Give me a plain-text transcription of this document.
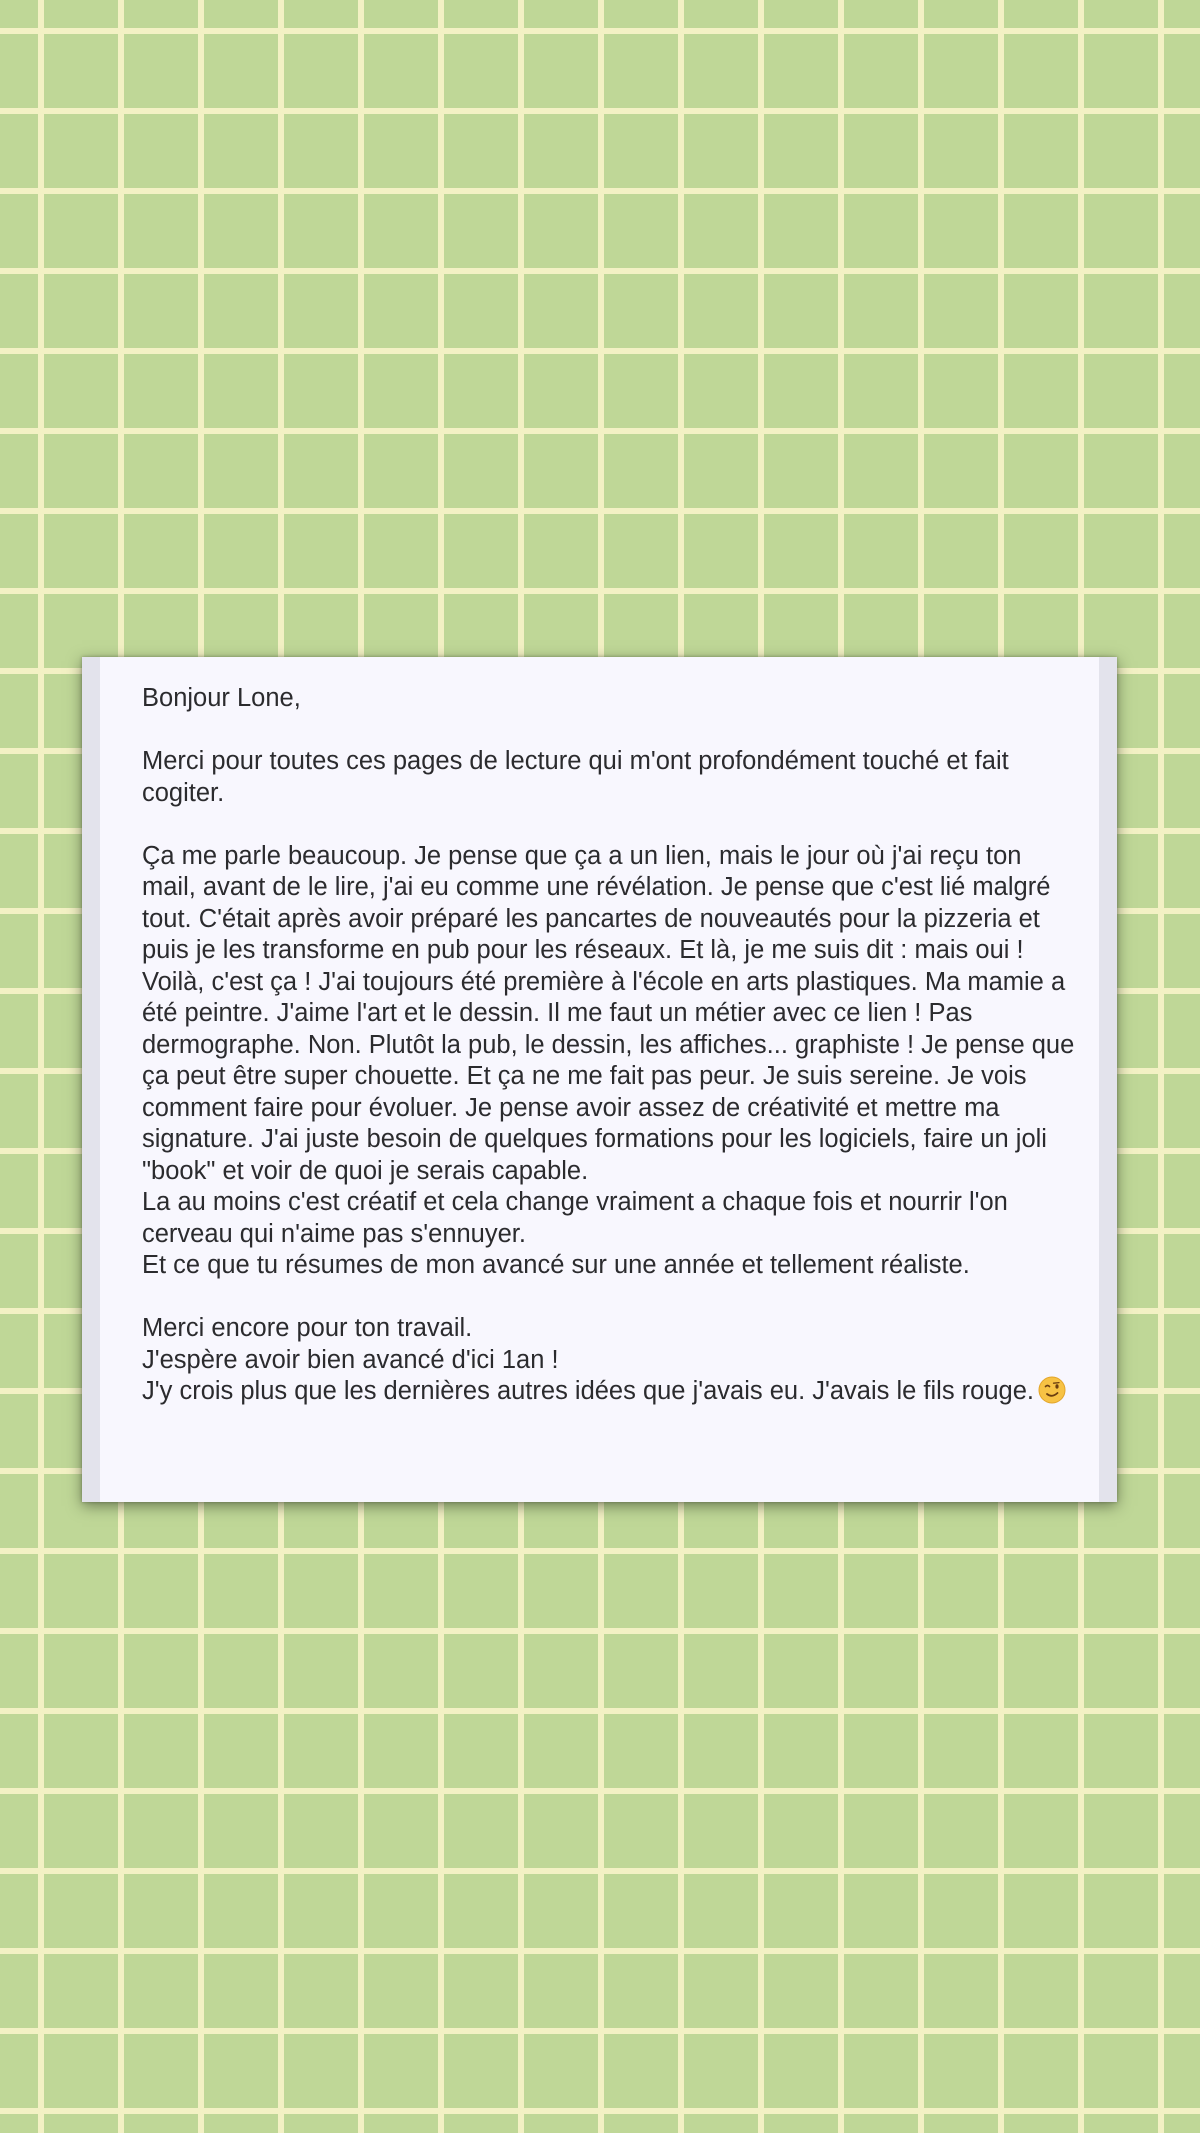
Bonjour Lone,

Merci pour toutes ces pages de lecture qui m'ont profondément touché et fait cogiter.

Ça me parle beaucoup. Je pense que ça a un lien, mais le jour où j'ai reçu ton mail, avant de le lire, j'ai eu comme une révélation. Je pense que c'est lié malgré tout. C'était après avoir préparé les pancartes de nouveautés pour la pizzeria et puis je les transforme en pub pour les réseaux. Et là, je me suis dit : mais oui ! Voilà, c'est ça ! J'ai toujours été première à l'école en arts plastiques. Ma mamie a été peintre. J'aime l'art et le dessin. Il me faut un métier avec ce lien ! Pas dermographe. Non. Plutôt la pub, le dessin, les affiches... graphiste ! Je pense que ça peut être super chouette. Et ça ne me fait pas peur. Je suis sereine. Je vois comment faire pour évoluer. Je pense avoir assez de créativité et mettre ma signature. J'ai juste besoin de quelques formations pour les logiciels, faire un joli "book" et voir de quoi je serais capable.

La au moins c'est créatif et cela change vraiment a chaque fois et nourrir l'on cerveau qui n'aime pas s'ennuyer.

Et ce que tu résumes de mon avancé sur une année et tellement réaliste.

Merci encore pour ton travail.

J'espère avoir bien avancé d'ici 1an !

J'y crois plus que les dernières autres idées que j'avais eu. J'avais le fils rouge.
